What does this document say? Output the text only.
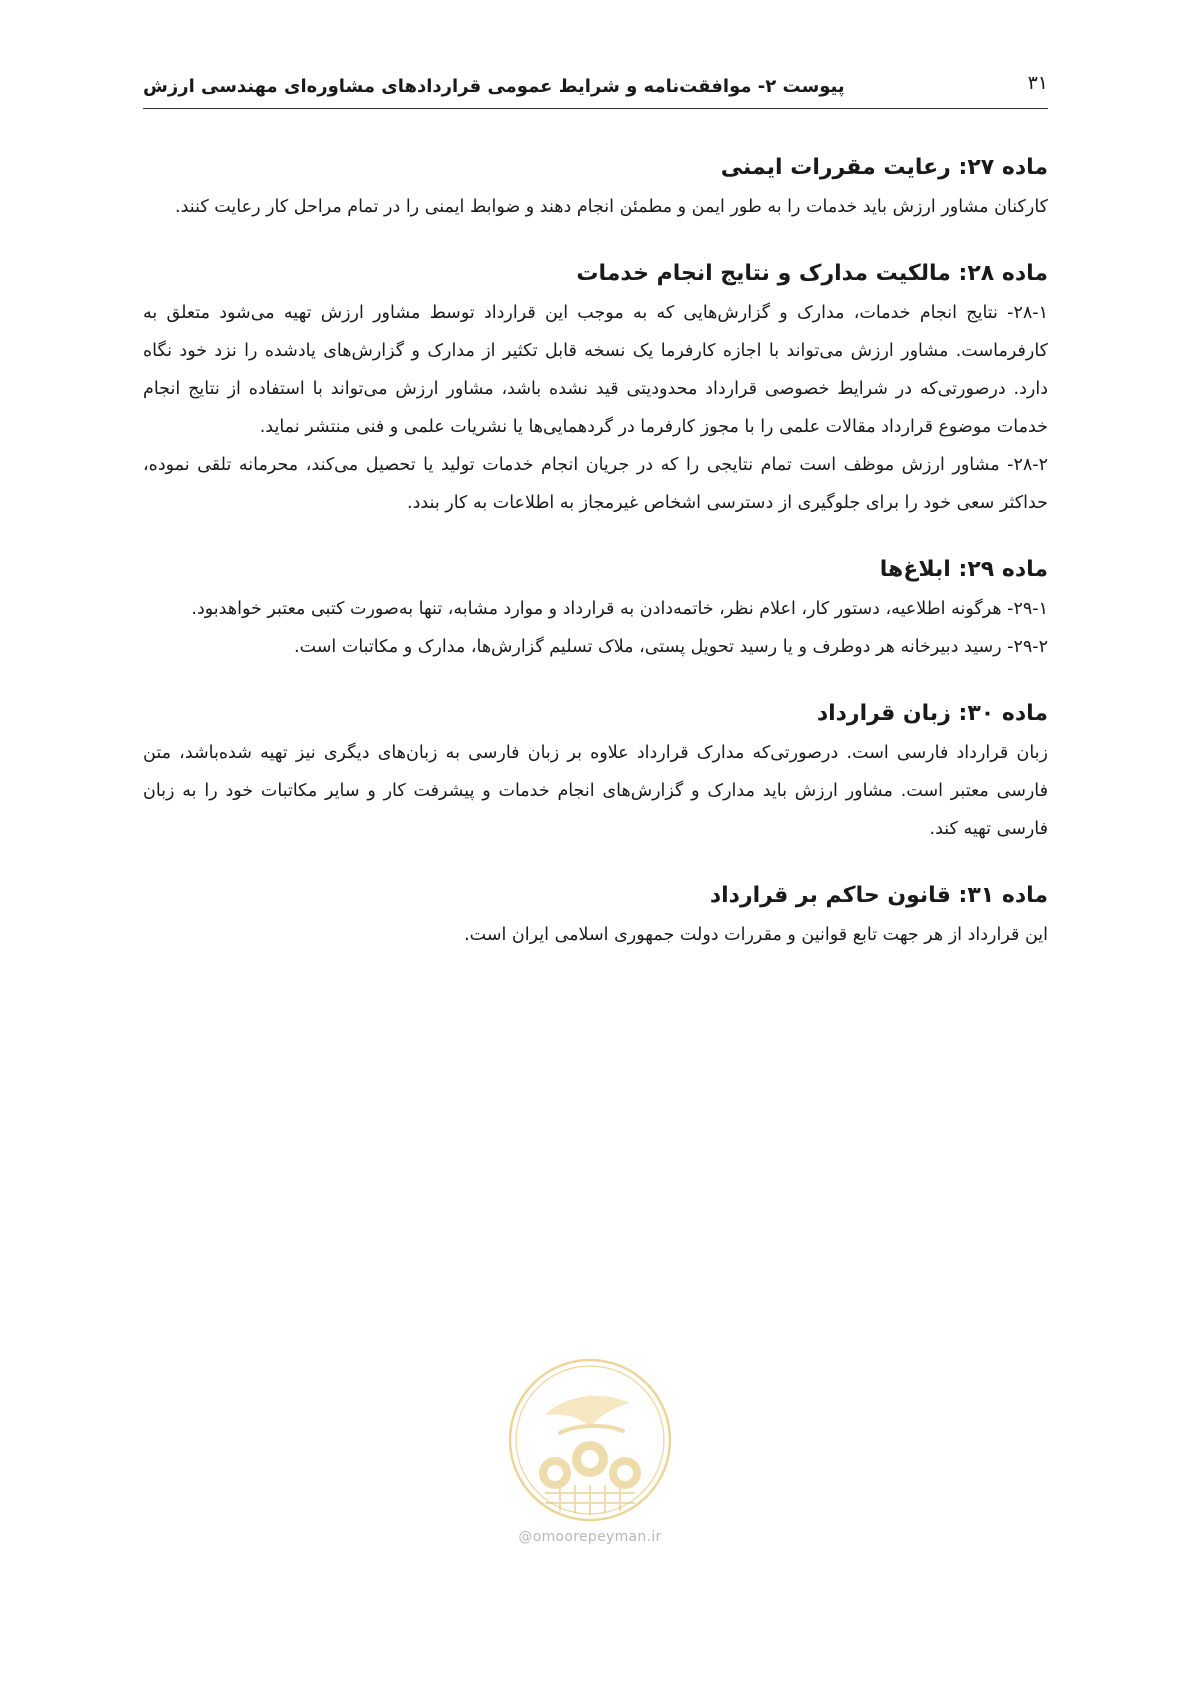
۳۱
پیوست ۲- موافقت‌نامه و شرایط عمومی قراردادهای مشاوره‌ای مهندسی ارزش
ماده ۲۷: رعایت مقررات ایمنی

کارکنان مشاور ارزش باید خدمات را به طور ایمن و مطمئن انجام دهند و ضوابط ایمنی را در تمام مراحل کار رعایت کنند.

ماده ۲۸: مالکیت مدارک و نتایج انجام خدمات

۲۸-۱- نتایج انجام خدمات، مدارک و گزارش‌هایی که به موجب این قرارداد توسط مشاور ارزش تهیه می‌شود متعلق به کارفرماست. مشاور ارزش می‌تواند با اجازه کارفرما یک نسخه قابل تکثیر از مدارک و گزارش‌های یادشده را نزد خود نگاه دارد. درصورتی‌که در شرایط خصوصی قرارداد محدودیتی قید نشده باشد، مشاور ارزش می‌تواند با استفاده از نتایج انجام خدمات موضوع قرارداد مقالات علمی را با مجوز کارفرما در گردهمایی‌ها یا نشریات علمی و فنی منتشر نماید.

۲۸-۲- مشاور ارزش موظف است تمام نتایجی را که در جریان انجام خدمات تولید یا تحصیل می‌کند، محرمانه تلقی نموده، حداکثر سعی خود را برای جلوگیری از دسترسی اشخاص غیرمجاز به اطلاعات به کار بندد.

ماده ۲۹: ابلاغ‌ها

۲۹-۱- هرگونه اطلاعیه، دستور کار، اعلام نظر، خاتمه‌دادن به قرارداد و موارد مشابه، تنها به‌صورت کتبی معتبر خواهدبود.

۲۹-۲- رسید دبیرخانه هر دوطرف و یا رسید تحویل پستی، ملاک تسلیم گزارش‌ها، مدارک و مکاتبات است.

ماده ۳۰: زبان قرارداد

زبان قرارداد فارسی است. درصورتی‌که مدارک قرارداد علاوه بر زبان فارسی به زبان‌های دیگری نیز تهیه شده‌باشد، متن فارسی معتبر است. مشاور ارزش باید مدارک و گزارش‌های انجام خدمات و پیشرفت کار و سایر مکاتبات خود را به زبان فارسی تهیه کند.

ماده ۳۱: قانون حاکم بر قرارداد

این قرارداد از هر جهت تابع قوانین و مقررات دولت جمهوری اسلامی ایران است.

@omoorepeyman.ir
